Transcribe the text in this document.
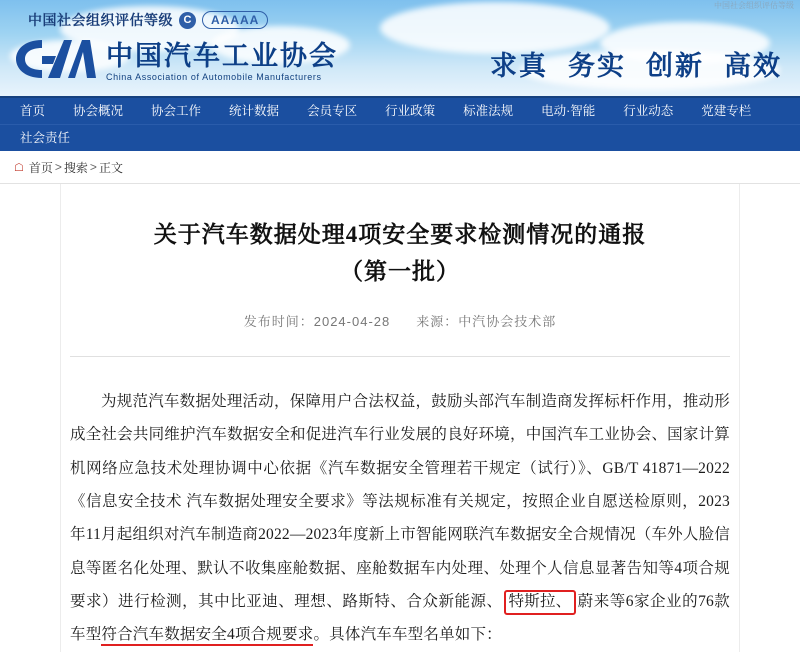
中国社会组织评估等级
中国社会组织评估等级 C	AAAAA
中国汽车工业协会
China Association of Automobile Manufacturers	求真 务实 创新 高效
首页	协会概况	协会工作	统计数据	会员专区	行业政策	标准法规	电动·智能	行业动态	党建专栏
社会责任
☖ 首页 > 搜索 > 正文
关于汽车数据处理4项安全要求检测情况的通报
（第一批）
发布时间：2024-04-28 来源：中汽协会技术部
为规范汽车数据处理活动，保障用户合法权益，鼓励头部汽车制造商发挥标杆作用，推动形成全社会共同维护汽车数据安全和促进汽车行业发展的良好环境，中国汽车工业协会、国家计算机网络应急技术处理协调中心依据《汽车数据安全管理若干规定（试行）》、GB/T 41871—2022《信息安全技术 汽车数据处理安全要求》等法规标准有关规定，按照企业自愿送检原则，2023年11月起组织对汽车制造商2022—2023年度新上市智能网联汽车数据安全合规情况（车外人脸信息等匿名化处理、默认不收集座舱数据、座舱数据车内处理、处理个人信息显著告知等4项合规要求）进行检测，其中比亚迪、理想、路斯特、合众新能源、 特斯拉、 蔚来等6家企业的76款车型符合汽车数据安全4项合规要求。具体汽车车型名单如下：
